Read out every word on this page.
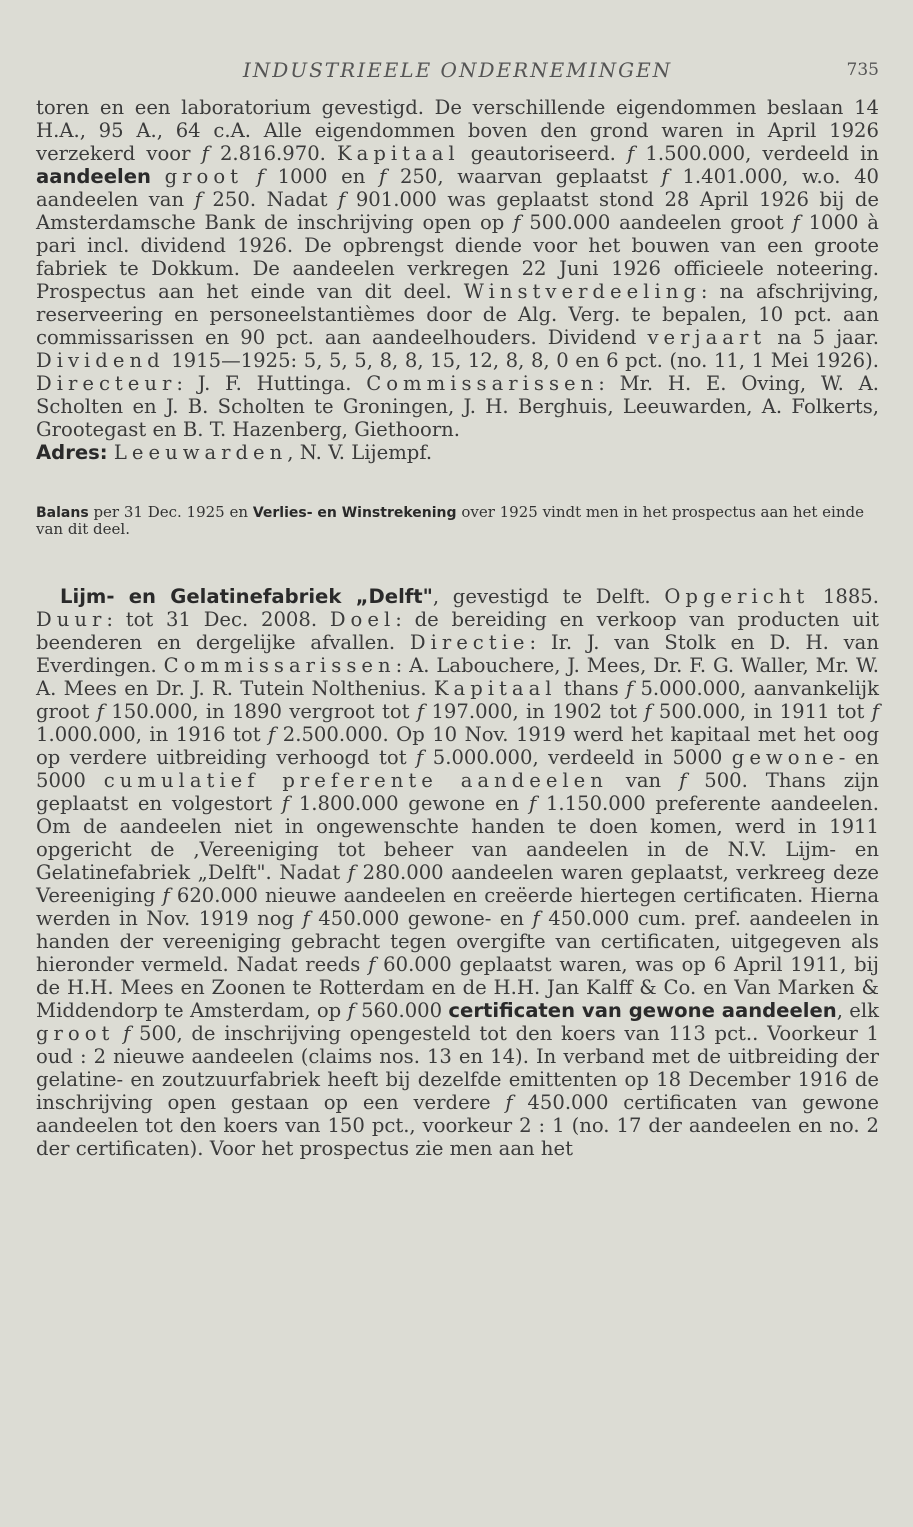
INDUSTRIEELE ONDERNEMINGEN	735
toren en een laboratorium gevestigd. De verschillende eigendommen beslaan 14 H.A., 95 A., 64 c.A. Alle eigendommen boven den grond waren in April 1926 verzekerd voor f 2.816.970. Kapitaal geautoriseerd. f 1.500.000, verdeeld in aandeelen groot f 1000 en f 250, waarvan geplaatst f 1.401.000, w.o. 40 aandeelen van f 250. Nadat f 901.000 was geplaatst stond 28 April 1926 bij de Amsterdamsche Bank de inschrijving open op f 500.000 aandeelen groot f 1000 à pari incl. dividend 1926. De opbrengst diende voor het bouwen van een groote fabriek te Dokkum. De aandeelen verkregen 22 Juni 1926 officieele noteering. Prospectus aan het einde van dit deel. Winstverdeeling: na afschrijving, reserveering en personeelstantièmes door de Alg. Verg. te bepalen, 10 pct. aan commissarissen en 90 pct. aan aandeelhouders. Dividend verjaart na 5 jaar. Dividend 1915—1925: 5, 5, 5, 8, 8, 15, 12, 8, 8, 0 en 6 pct. (no. 11, 1 Mei 1926). Directeur: J. F. Huttinga. Commissarissen: Mr. H. E. Oving, W. A. Scholten en J. B. Scholten te Groningen, J. H. Berghuis, Leeuwarden, A. Folkerts, Grootegast en B. T. Hazenberg, Giethoorn.
Adres: Leeuwarden, N. V. Lijempf.
Balans per 31 Dec. 1925 en Verlies- en Winstrekening over 1925 vindt men in het prospectus aan het einde van dit deel.
Lijm- en Gelatinefabriek „Delft", gevestigd te Delft. Opgericht 1885. Duur: tot 31 Dec. 2008. Doel: de bereiding en verkoop van producten uit beenderen en dergelijke afvallen. Directie: Ir. J. van Stolk en D. H. van Everdingen. Commissarissen: A. Labouchere, J. Mees, Dr. F. G. Waller, Mr. W. A. Mees en Dr. J. R. Tutein Nolthenius. Kapitaal thans f 5.000.000, aanvankelijk groot f 150.000, in 1890 vergroot tot f 197.000, in 1902 tot f 500.000, in 1911 tot f 1.000.000, in 1916 tot f 2.500.000. Op 10 Nov. 1919 werd het kapitaal met het oog op verdere uitbreiding verhoogd tot f 5.000.000, verdeeld in 5000 gewone- en 5000 cumulatief preferente aandeelen van f 500. Thans zijn geplaatst en volgestort f 1.800.000 gewone en f 1.150.000 preferente aandeelen. Om de aandeelen niet in ongewenschte handen te doen komen, werd in 1911 opgericht de ‚Vereeniging tot beheer van aandeelen in de N.V. Lijm- en Gelatinefabriek „Delft". Nadat f 280.000 aandeelen waren geplaatst, verkreeg deze Vereeniging f 620.000 nieuwe aandeelen en creëerde hiertegen certificaten. Hierna werden in Nov. 1919 nog f 450.000 gewone- en f 450.000 cum. pref. aandeelen in handen der vereeniging gebracht tegen overgifte van certificaten, uitgegeven als hieronder vermeld. Nadat reeds f 60.000 geplaatst waren, was op 6 April 1911, bij de H.H. Mees en Zoonen te Rotterdam en de H.H. Jan Kalff & Co. en Van Marken & Middendorp te Amsterdam, op f 560.000 certificaten van gewone aandeelen, elk groot f 500, de inschrijving opengesteld tot den koers van 113 pct.. Voorkeur 1 oud : 2 nieuwe aandeelen (claims nos. 13 en 14). In verband met de uitbreiding der gelatine- en zoutzuurfabriek heeft bij dezelfde emittenten op 18 December 1916 de inschrijving open gestaan op een verdere f 450.000 certificaten van gewone aandeelen tot den koers van 150 pct., voorkeur 2 : 1 (no. 17 der aandeelen en no. 2 der certificaten). Voor het prospectus zie men aan het
